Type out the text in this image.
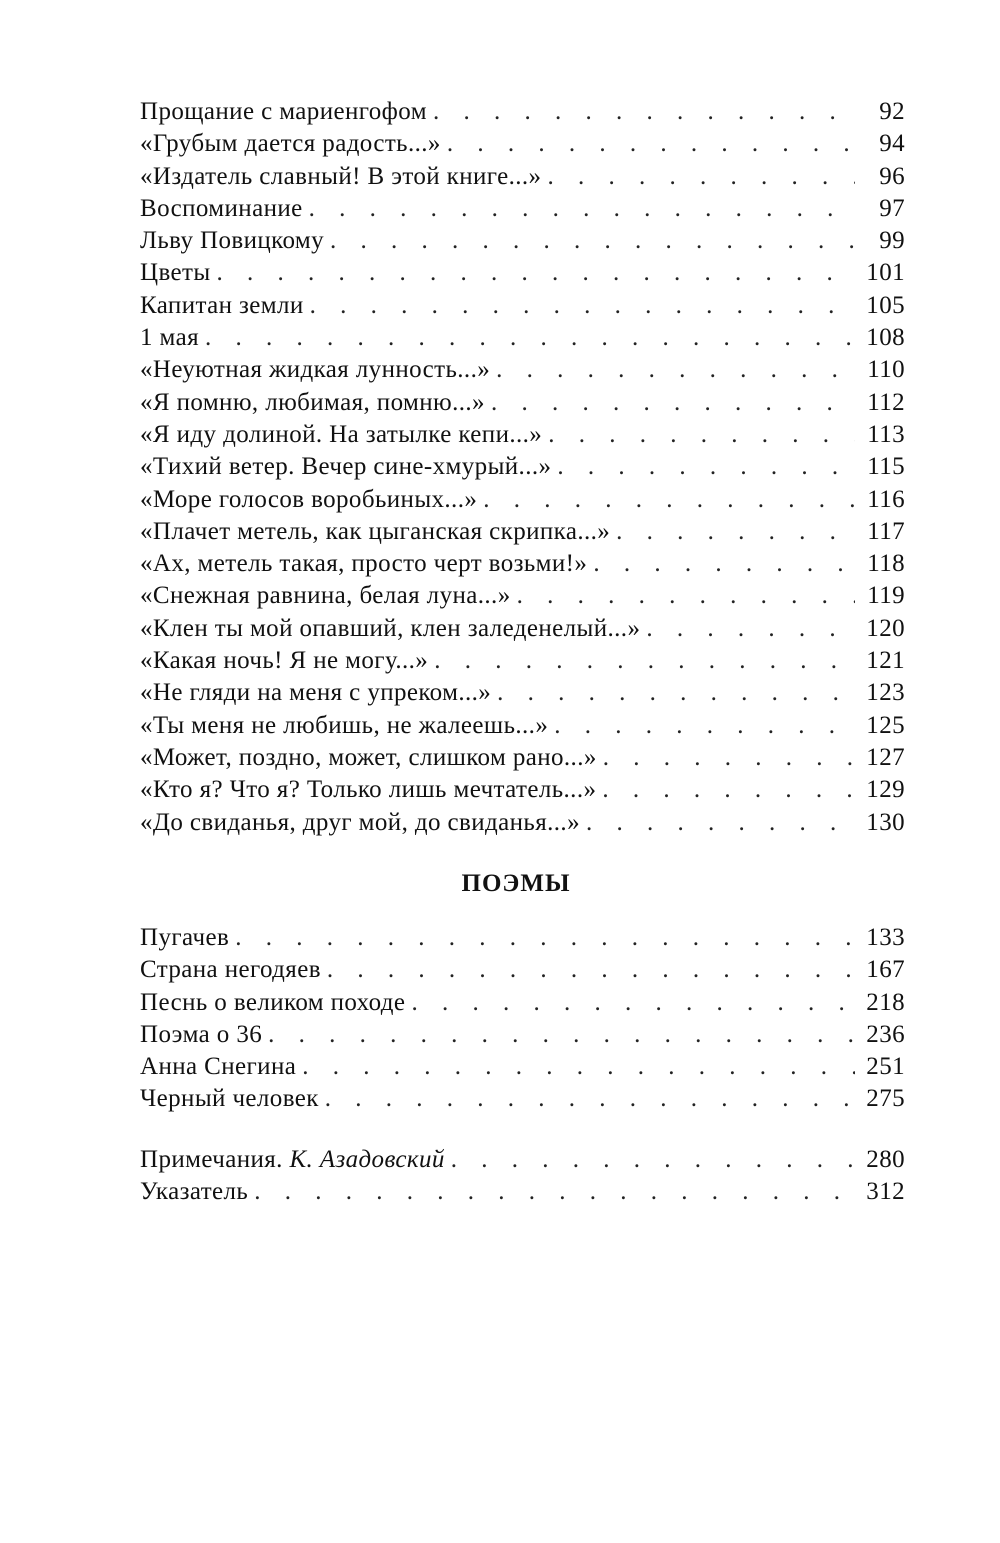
Прощание с мариенгофом . . .	92
«Грубым дается радость...» . . .	94
«Издатель славный! В этой книге...» . . .	96
Воспоминание . . .	97
Льву Повицкому . . .	99
Цветы . . .	101
Капитан земли . . .	105
1 мая . . .	108
«Неуютная жидкая лунность...» . . .	110
«Я помню, любимая, помню...» . . .	112
«Я иду долиной. На затылке кепи...» . . .	113
«Тихий ветер. Вечер сине-хмурый...» . . .	115
«Море голосов воробьиных...» . . .	116
«Плачет метель, как цыганская скрипка...» . . .	117
«Ах, метель такая, просто черт возьми!» . . .	118
«Снежная равнина, белая луна...» . . .	119
«Клен ты мой опавший, клен заледенелый...» . . .	120
«Какая ночь! Я не могу...» . . .	121
«Не гляди на меня с упреком...» . . .	123
«Ты меня не любишь, не жалеешь...» . . .	125
«Может, поздно, может, слишком рано...» . . .	127
«Кто я? Что я? Только лишь мечтатель...» . . .	129
«До свиданья, друг мой, до свиданья...» . . .	130
ПОЭМЫ
Пугачев . . .	133
Страна негодяев . . .	167
Песнь о великом походе . . .	218
Поэма о 36 . . .	236
Анна Снегина . . .	251
Черный человек . . .	275
Примечания. К. Азадовский . . .	280
Указатель . . .	312
